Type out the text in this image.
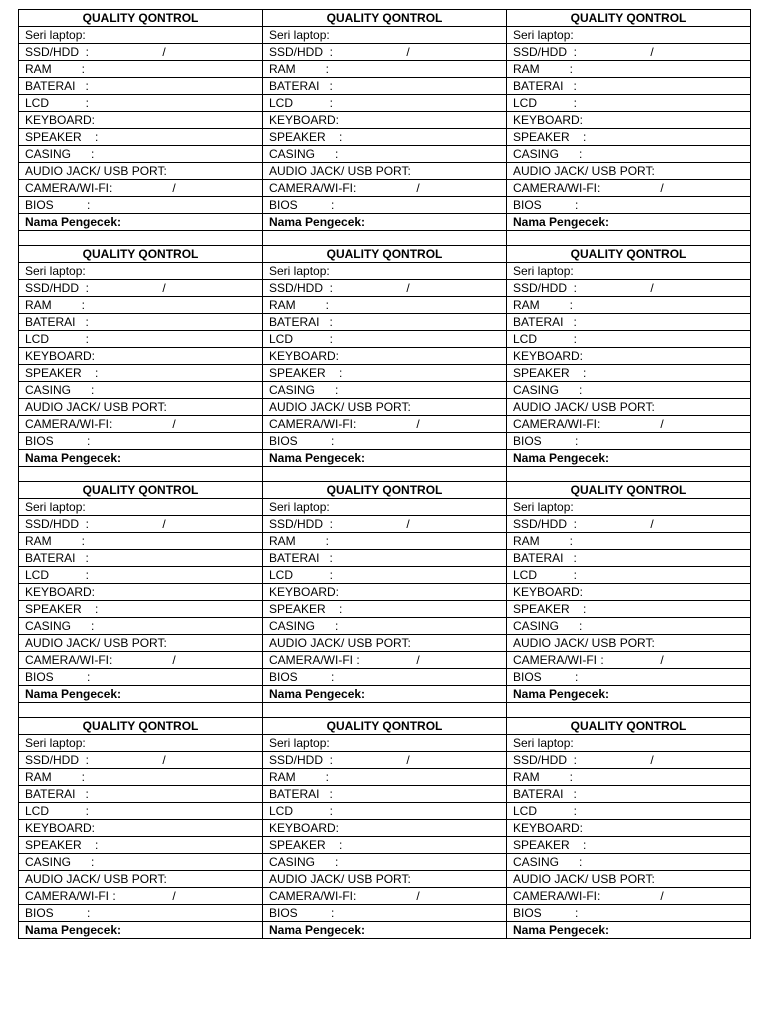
QUALITY QONTROL	QUALITY QONTROL	QUALITY QONTROL
Seri laptop:	Seri laptop:	Seri laptop:
SSD/HDD  :                      /	SSD/HDD  :                      /	SSD/HDD  :                      /
RAM         :	RAM         :	RAM         :
BATERAI   :	BATERAI   :	BATERAI   :
LCD           :	LCD           :	LCD           :
KEYBOARD:	KEYBOARD:	KEYBOARD:
SPEAKER    :	SPEAKER    :	SPEAKER    :
CASING      :	CASING      :	CASING      :
AUDIO JACK/ USB PORT:	AUDIO JACK/ USB PORT:	AUDIO JACK/ USB PORT:
CAMERA/WI-FI:                  /	CAMERA/WI-FI:                  /	CAMERA/WI-FI:                  /
BIOS          :	BIOS          :	BIOS          :
Nama Pengecek:	Nama Pengecek:	Nama Pengecek:

QUALITY QONTROL	QUALITY QONTROL	QUALITY QONTROL
Seri laptop:	Seri laptop:	Seri laptop:
SSD/HDD  :                      /	SSD/HDD  :                      /	SSD/HDD  :                      /
RAM         :	RAM         :	RAM         :
BATERAI   :	BATERAI   :	BATERAI   :
LCD           :	LCD           :	LCD           :
KEYBOARD:	KEYBOARD:	KEYBOARD:
SPEAKER    :	SPEAKER    :	SPEAKER    :
CASING      :	CASING      :	CASING      :
AUDIO JACK/ USB PORT:	AUDIO JACK/ USB PORT:	AUDIO JACK/ USB PORT:
CAMERA/WI-FI:                  /	CAMERA/WI-FI:                  /	CAMERA/WI-FI:                  /
BIOS          :	BIOS          :	BIOS          :
Nama Pengecek:	Nama Pengecek:	Nama Pengecek:

QUALITY QONTROL	QUALITY QONTROL	QUALITY QONTROL
Seri laptop:	Seri laptop:	Seri laptop:
SSD/HDD  :                      /	SSD/HDD  :                      /	SSD/HDD  :                      /
RAM         :	RAM         :	RAM         :
BATERAI   :	BATERAI   :	BATERAI   :
LCD           :	LCD           :	LCD           :
KEYBOARD:	KEYBOARD:	KEYBOARD:
SPEAKER    :	SPEAKER    :	SPEAKER    :
CASING      :	CASING      :	CASING      :
AUDIO JACK/ USB PORT:	AUDIO JACK/ USB PORT:	AUDIO JACK/ USB PORT:
CAMERA/WI-FI:                  /	CAMERA/WI-FI :                 /	CAMERA/WI-FI :                 /
BIOS          :	BIOS          :	BIOS          :
Nama Pengecek:	Nama Pengecek:	Nama Pengecek:

QUALITY QONTROL	QUALITY QONTROL	QUALITY QONTROL
Seri laptop:	Seri laptop:	Seri laptop:
SSD/HDD  :                      /	SSD/HDD  :                      /	SSD/HDD  :                      /
RAM         :	RAM         :	RAM         :
BATERAI   :	BATERAI   :	BATERAI   :
LCD           :	LCD           :	LCD           :
KEYBOARD:	KEYBOARD:	KEYBOARD:
SPEAKER    :	SPEAKER    :	SPEAKER    :
CASING      :	CASING      :	CASING      :
AUDIO JACK/ USB PORT:	AUDIO JACK/ USB PORT:	AUDIO JACK/ USB PORT:
CAMERA/WI-FI :                 /	CAMERA/WI-FI:                  /	CAMERA/WI-FI:                  /
BIOS          :	BIOS          :	BIOS          :
Nama Pengecek:	Nama Pengecek:	Nama Pengecek:
